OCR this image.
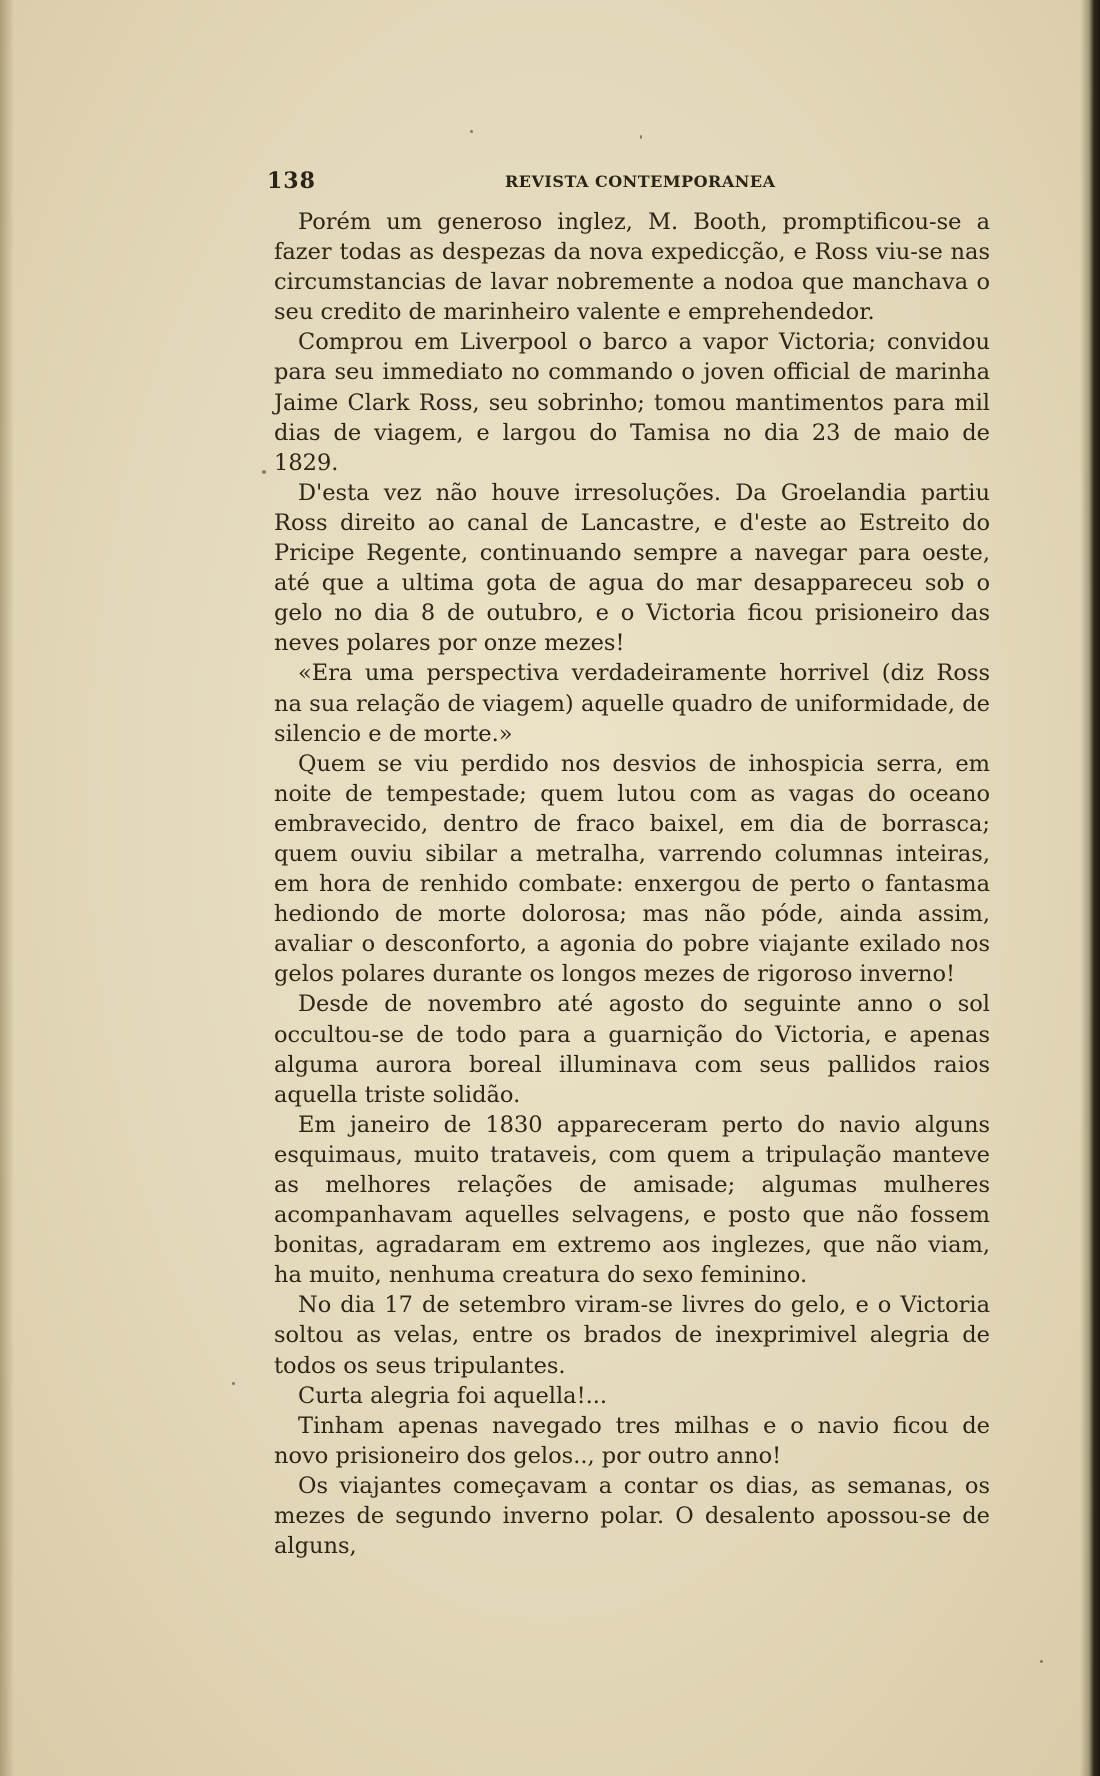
138	REVISTA CONTEMPORANEA

Porém um generoso inglez, M. Booth, promptificou-se a fazer todas as despezas da nova expedicção, e Ross viu-se nas circumstancias de lavar nobremente a nodoa que manchava o seu credito de marinheiro valente e emprehendedor.

Comprou em Liverpool o barco a vapor Victoria; convidou para seu immediato no commando o joven official de marinha Jaime Clark Ross, seu sobrinho; tomou mantimentos para mil dias de viagem, e largou do Tamisa no dia 23 de maio de 1829.

D'esta vez não houve irresoluções. Da Groelandia partiu Ross direito ao canal de Lancastre, e d'este ao Estreito do Pricipe Regente, continuando sempre a navegar para oeste, até que a ultima gota de agua do mar desappareceu sob o gelo no dia 8 de outubro, e o Victoria ficou prisioneiro das neves polares por onze mezes!

«Era uma perspectiva verdadeiramente horrivel (diz Ross na sua relação de viagem) aquelle quadro de uniformidade, de silencio e de morte.»

Quem se viu perdido nos desvios de inhospicia serra, em noite de tempestade; quem lutou com as vagas do oceano embravecido, dentro de fraco baixel, em dia de borrasca; quem ouviu sibilar a metralha, varrendo columnas inteiras, em hora de renhido combate: enxergou de perto o fantasma hediondo de morte dolorosa; mas não póde, ainda assim, avaliar o desconforto, a agonia do pobre viajante exilado nos gelos polares durante os longos mezes de rigoroso inverno!

Desde de novembro até agosto do seguinte anno o sol occultou-se de todo para a guarnição do Victoria, e apenas alguma aurora boreal illuminava com seus pallidos raios aquella triste solidão.

Em janeiro de 1830 appareceram perto do navio alguns esquimaus, muito trataveis, com quem a tripulação manteve as melhores relações de amisade; algumas mulheres acompanhavam aquelles selvagens, e posto que não fossem bonitas, agradaram em extremo aos inglezes, que não viam, ha muito, nenhuma creatura do sexo feminino.

No dia 17 de setembro viram-se livres do gelo, e o Victoria soltou as velas, entre os brados de inexprimivel alegria de todos os seus tripulantes.

Curta alegria foi aquella!...

Tinham apenas navegado tres milhas e o navio ficou de novo prisioneiro dos gelos.., por outro anno!

Os viajantes começavam a contar os dias, as semanas, os mezes de segundo inverno polar. O desalento apossou-se de alguns,
